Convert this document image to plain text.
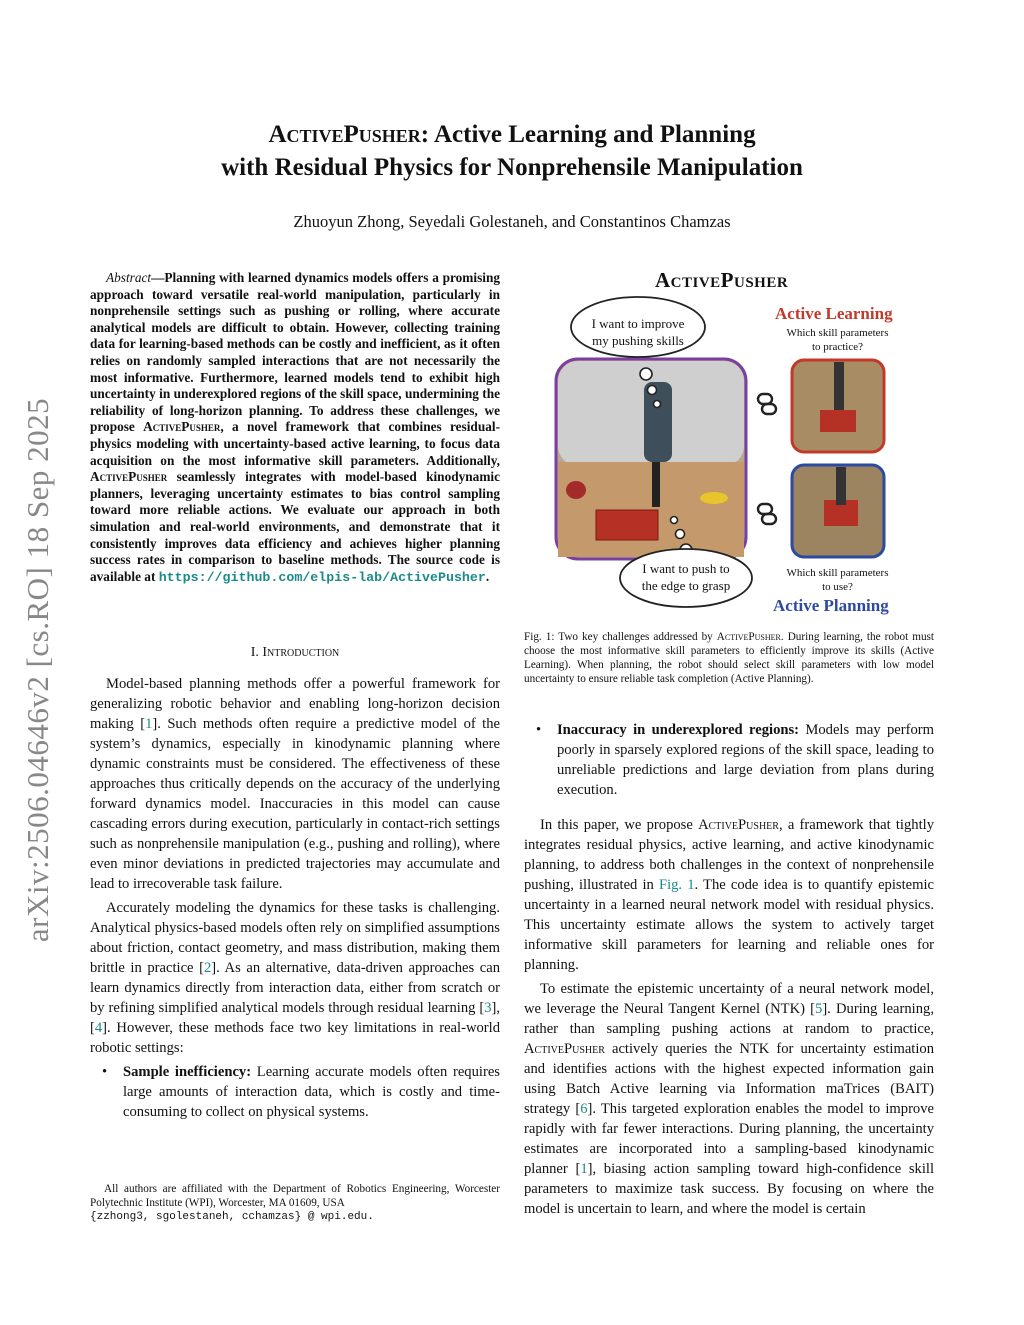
arXiv:2506.04646v2 [cs.RO] 18 Sep 2025
ActivePusher: Active Learning and Planning
with Residual Physics for Nonprehensile Manipulation
Zhuoyun Zhong, Seyedali Golestaneh, and Constantinos Chamzas
Abstract—Planning with learned dynamics models offers a promising approach toward versatile real-world manipulation, particularly in nonprehensile settings such as pushing or rolling, where accurate analytical models are difficult to obtain. However, collecting training data for learning-based methods can be costly and inefficient, as it often relies on randomly sampled interactions that are not necessarily the most informative. Furthermore, learned models tend to exhibit high uncertainty in underexplored regions of the skill space, undermining the reliability of long-horizon planning. To address these challenges, we propose ActivePusher, a novel framework that combines residual-physics modeling with uncertainty-based active learning, to focus data acquisition on the most informative skill parameters. Additionally, ActivePusher seamlessly integrates with model-based kinodynamic planners, leveraging uncertainty estimates to bias control sampling toward more reliable actions. We evaluate our approach in both simulation and real-world environments, and demonstrate that it consistently improves data efficiency and achieves higher planning success rates in comparison to baseline methods. The source code is available at https://github.com/elpis-lab/ActivePusher.
I. Introduction

Model-based planning methods offer a powerful framework for generalizing robotic behavior and enabling long-horizon decision making [1]. Such methods often require a predictive model of the system’s dynamics, especially in kinodynamic planning where dynamic constraints must be considered. The effectiveness of these approaches thus critically depends on the accuracy of the underlying forward dynamics model. Inaccuracies in this model can cause cascading errors during execution, particularly in contact-rich settings such as nonprehensile manipulation (e.g., pushing and rolling), where even minor deviations in predicted trajectories may accumulate and lead to irrecoverable task failure.

Accurately modeling the dynamics for these tasks is challenging. Analytical physics-based models often rely on simplified assumptions about friction, contact geometry, and mass distribution, making them brittle in practice [2]. As an alternative, data-driven approaches can learn dynamics directly from interaction data, either from scratch or by refining simplified analytical models through residual learning [3], [4]. However, these methods face two key limitations in real-world robotic settings:

• Sample inefficiency: Learning accurate models often requires large amounts of interaction data, which is costly and time-consuming to collect on physical systems.

All authors are affiliated with the Department of Robotics Engineering, Worcester Polytechnic Institute (WPI), Worcester, MA 01609, USA

{zzhong3, sgolestaneh, cchamzas} @ wpi.edu.
ActivePusher
Active Learning
Which skill parameters
to practice?
Which skill parameters
to use?
Active Planning
I want to improve
my pushing skills
I want to push to
the edge to grasp
Fig. 1: Two key challenges addressed by ActivePusher. During learning, the robot must choose the most informative skill parameters to efficiently improve its skills (Active Learning). When planning, the robot should select skill parameters with low model uncertainty to ensure reliable task completion (Active Planning).
• Inaccuracy in underexplored regions: Models may perform poorly in sparsely explored regions of the skill space, leading to unreliable predictions and large deviation from plans during execution.

In this paper, we propose ActivePusher, a framework that tightly integrates residual physics, active learning, and active kinodynamic planning, to address both challenges in the context of nonprehensile pushing, illustrated in Fig. 1. The code idea is to quantify epistemic uncertainty in a learned neural network model with residual physics. This uncertainty estimate allows the system to actively target informative skill parameters for learning and reliable ones for planning.

To estimate the epistemic uncertainty of a neural network model, we leverage the Neural Tangent Kernel (NTK) [5]. During learning, rather than sampling pushing actions at random to practice, ActivePusher actively queries the NTK for uncertainty estimation and identifies actions with the highest expected information gain using Batch Active learning via Information maTrices (BAIT) strategy [6]. This targeted exploration enables the model to improve rapidly with far fewer interactions. During planning, the uncertainty estimates are incorporated into a sampling-based kinodynamic planner [1], biasing action sampling toward high-confidence skill parameters to maximize task success. By focusing on where the model is uncertain to learn, and where the model is certain
